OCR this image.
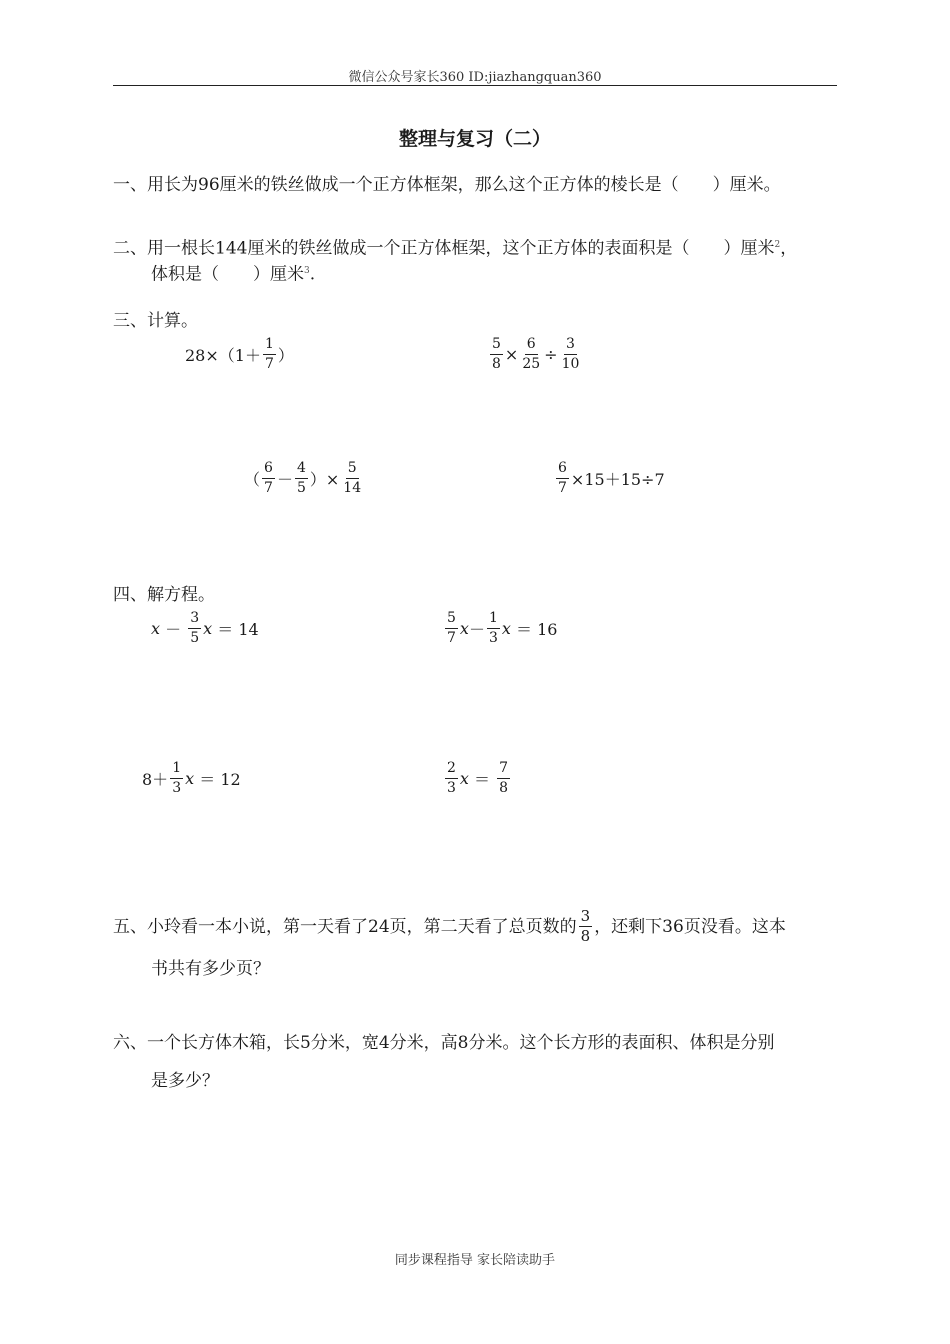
微信公众号家长360 ID:jiazhangquan360
整理与复习（二）
一、用长为96厘米的铁丝做成一个正方体框架，那么这个正方体的棱长是（　　）厘米。
二、用一根长144厘米的铁丝做成一个正方体框架，这个正方体的表面积是（　　）厘米$^2$，
体积是（　　）厘米$^3$.
三、计算。
$28\times(1+ \frac{1}{7}$ ）	$\frac{5}{8} \times \frac{6}{25} \div \frac{3}{10}$
（ $\frac{6}{7} - \frac{4}{5}$ ）× $\frac{5}{14}$	$\frac{6}{7} \times 15+15\div 7$
四、解方程。
$x - \frac{3}{5}$ x ＝ 14	$\frac{5}{7}$ $x - \frac{1}{3}$ x ＝ 16
$8+ \frac{1}{3}$ x ＝ 12	$\frac{2}{3}$ $x = \frac{7}{8}$
五、小玲看一本小说，第一天看了24页，第二天看了总页数的 $\frac{3}{8}$ ，还剩下36页没看。这本
书共有多少页？
六、一个长方体木箱，长5分米，宽4分米，高8分米。这个长方形的表面积、体积是分别
是多少？
同步课程指导 家长陪读助手
